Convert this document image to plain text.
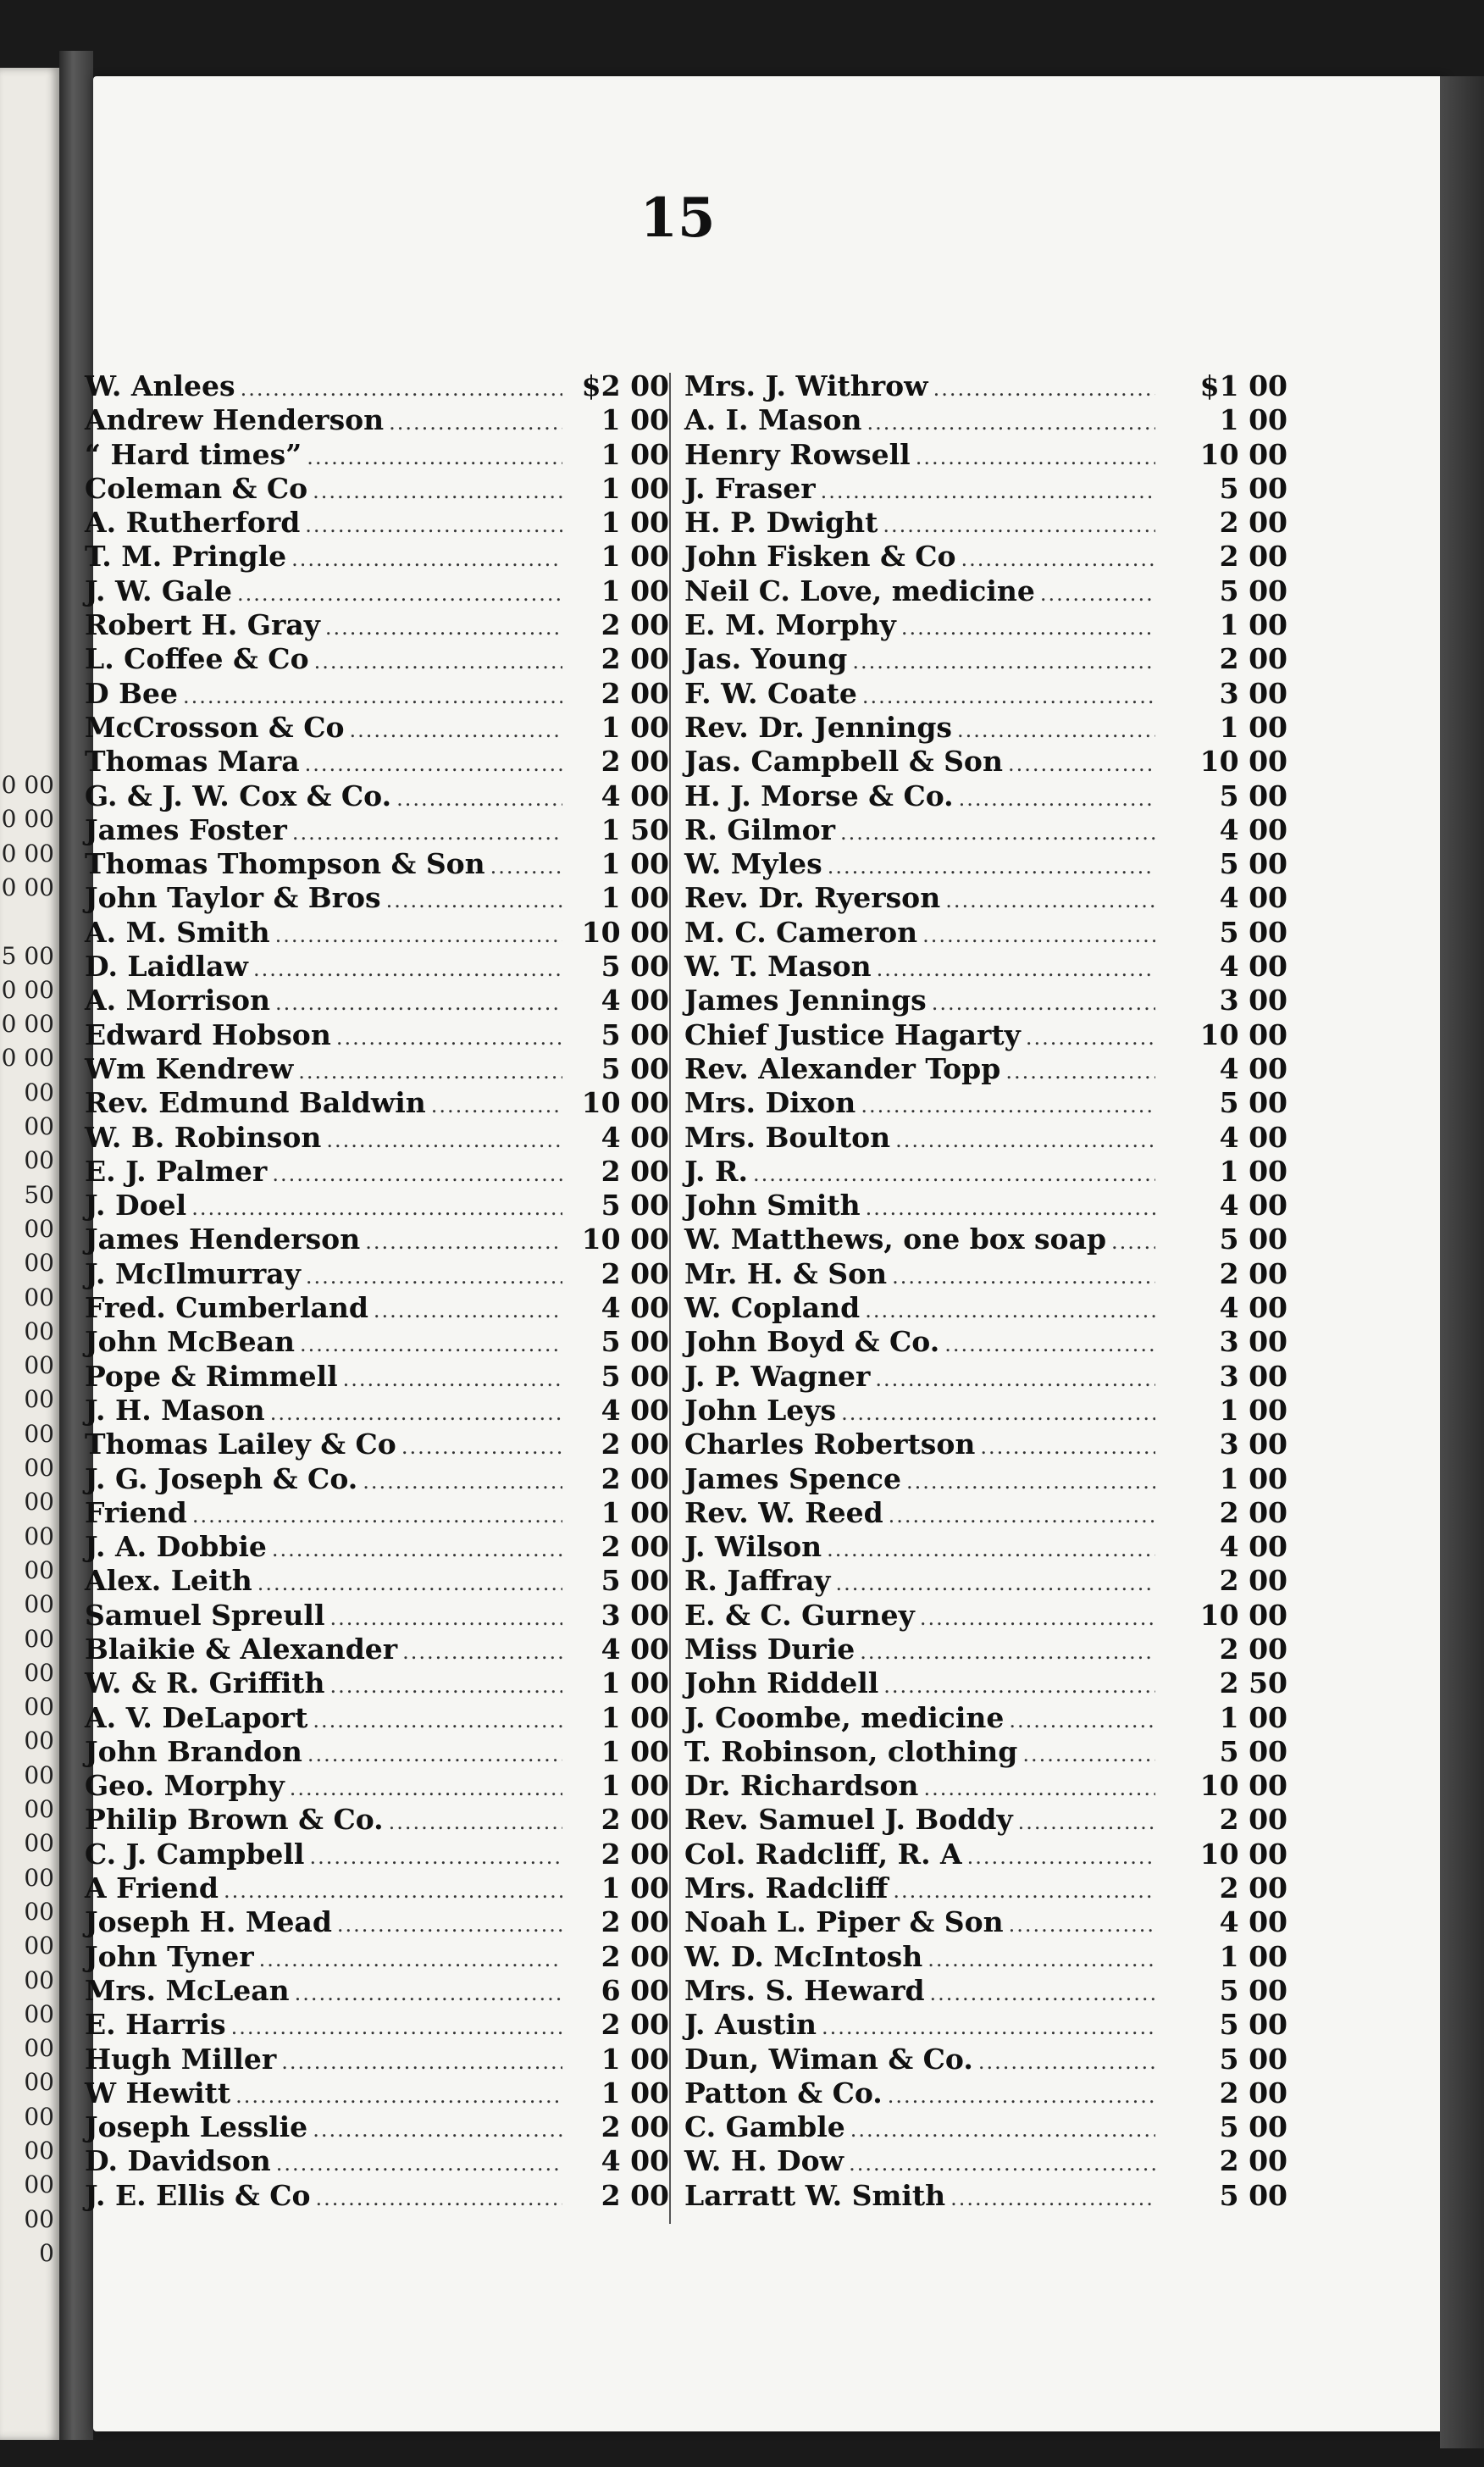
0 00
0 00
0 00
0 00
5 00
0 00
0 00
0 00
00
00
00
50
00
00
00
00
00
00
00
00
00
00
00
00
00
00
00
00
00
00
00
00
00
00
00
00
00
00
00
00
00
00
0
15
W. Anlees .....	$2 00
Andrew Henderson .....	1 00
“ Hard times” .....	1 00
Coleman & Co .....	1 00
A. Rutherford .....	1 00
T. M. Pringle .....	1 00
J. W. Gale .....	1 00
Robert H. Gray .....	2 00
L. Coffee & Co .....	2 00
D Bee .....	2 00
McCrosson & Co .....	1 00
Thomas Mara .....	2 00
G. & J. W. Cox & Co. .....	4 00
James Foster .....	1 50
Thomas Thompson & Son .....	1 00
John Taylor & Bros .....	1 00
A. M. Smith .....	10 00
D. Laidlaw .....	5 00
A. Morrison .....	4 00
Edward Hobson .....	5 00
Wm Kendrew .....	5 00
Rev. Edmund Baldwin .....	10 00
W. B. Robinson .....	4 00
E. J. Palmer .....	2 00
J. Doel .....	5 00
James Henderson .....	10 00
J. McIlmurray .....	2 00
Fred. Cumberland .....	4 00
John McBean .....	5 00
Pope & Rimmell .....	5 00
J. H. Mason .....	4 00
Thomas Lailey & Co .....	2 00
J. G. Joseph & Co. .....	2 00
Friend .....	1 00
J. A. Dobbie .....	2 00
Alex. Leith .....	5 00
Samuel Spreull .....	3 00
Blaikie & Alexander .....	4 00
W. & R. Griffith .....	1 00
A. V. DeLaport .....	1 00
John Brandon .....	1 00
Geo. Morphy .....	1 00
Philip Brown & Co. .....	2 00
C. J. Campbell .....	2 00
A Friend .....	1 00
Joseph H. Mead .....	2 00
John Tyner .....	2 00
Mrs. McLean .....	6 00
E. Harris .....	2 00
Hugh Miller .....	1 00
W Hewitt .....	1 00
Joseph Lesslie .....	2 00
D. Davidson .....	4 00
J. E. Ellis & Co .....	2 00
Mrs. J. Withrow .....	$1 00
A. I. Mason .....	1 00
Henry Rowsell .....	10 00
J. Fraser .....	5 00
H. P. Dwight .....	2 00
John Fisken & Co .....	2 00
Neil C. Love, medicine .....	5 00
E. M. Morphy .....	1 00
Jas. Young .....	2 00
F. W. Coate .....	3 00
Rev. Dr. Jennings .....	1 00
Jas. Campbell & Son .....	10 00
H. J. Morse & Co. .....	5 00
R. Gilmor .....	4 00
W. Myles .....	5 00
Rev. Dr. Ryerson .....	4 00
M. C. Cameron .....	5 00
W. T. Mason .....	4 00
James Jennings .....	3 00
Chief Justice Hagarty .....	10 00
Rev. Alexander Topp .....	4 00
Mrs. Dixon .....	5 00
Mrs. Boulton .....	4 00
J. R. .....	1 00
John Smith .....	4 00
W. Matthews, one box soap .....	5 00
Mr. H. & Son .....	2 00
W. Copland .....	4 00
John Boyd & Co. .....	3 00
J. P. Wagner .....	3 00
John Leys .....	1 00
Charles Robertson .....	3 00
James Spence .....	1 00
Rev. W. Reed .....	2 00
J. Wilson .....	4 00
R. Jaffray .....	2 00
E. & C. Gurney .....	10 00
Miss Durie .....	2 00
John Riddell .....	2 50
J. Coombe, medicine .....	1 00
T. Robinson, clothing .....	5 00
Dr. Richardson .....	10 00
Rev. Samuel J. Boddy .....	2 00
Col. Radcliff, R. A .....	10 00
Mrs. Radcliff .....	2 00
Noah L. Piper & Son .....	4 00
W. D. McIntosh .....	1 00
Mrs. S. Heward .....	5 00
J. Austin .....	5 00
Dun, Wiman & Co. .....	5 00
Patton & Co. .....	2 00
C. Gamble .....	5 00
W. H. Dow .....	2 00
Larratt W. Smith .....	5 00
